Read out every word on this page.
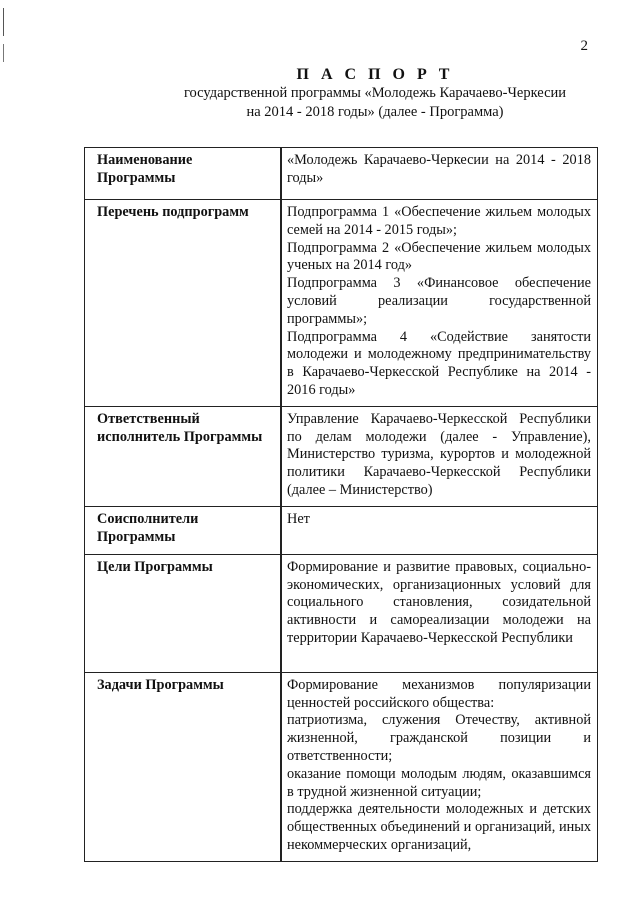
2
П А С П О Р Т
государственной программы «Молодежь Карачаево-Черкесии
на 2014 - 2018 годы» (далее - Программа)
Наименование Программы	«Молодежь Карачаево-Черкесии на 2014 - 2018 годы»

Перечень подпрограмм	Подпрограмма 1 «Обеспечение жильем молодых семей на 2014 - 2015 годы»;
Подпрограмма 2 «Обеспечение жильем молодых ученых на 2014 год»
Подпрограмма 3 «Финансовое обеспечение условий реализации государственной программы»;
Подпрограмма 4 «Содействие занятости молодежи и молодежному предпринимательству в Карачаево-Черкесской Республике на 2014 - 2016 годы»

Ответственный исполнитель Программы	Управление Карачаево-Черкесской Республики по делам молодежи (далее - Управление), Министерство туризма, курортов и молодежной политики Карачаево-Черкесской Республики (далее – Министерство)

Соисполнители Программы	Нет

Цели Программы	Формирование и развитие правовых, социально-экономических, организационных условий для социального становления, созидательной активности и самореализации молодежи на территории Карачаево-Черкесской Республики

Задачи Программы	Формирование механизмов популяризации ценностей российского общества:
патриотизма, служения Отечеству, активной жизненной, гражданской позиции и ответственности;
оказание помощи молодым людям, оказавшимся в трудной жизненной ситуации;
поддержка деятельности молодежных и детских общественных объединений и организаций, иных некоммерческих организаций,
